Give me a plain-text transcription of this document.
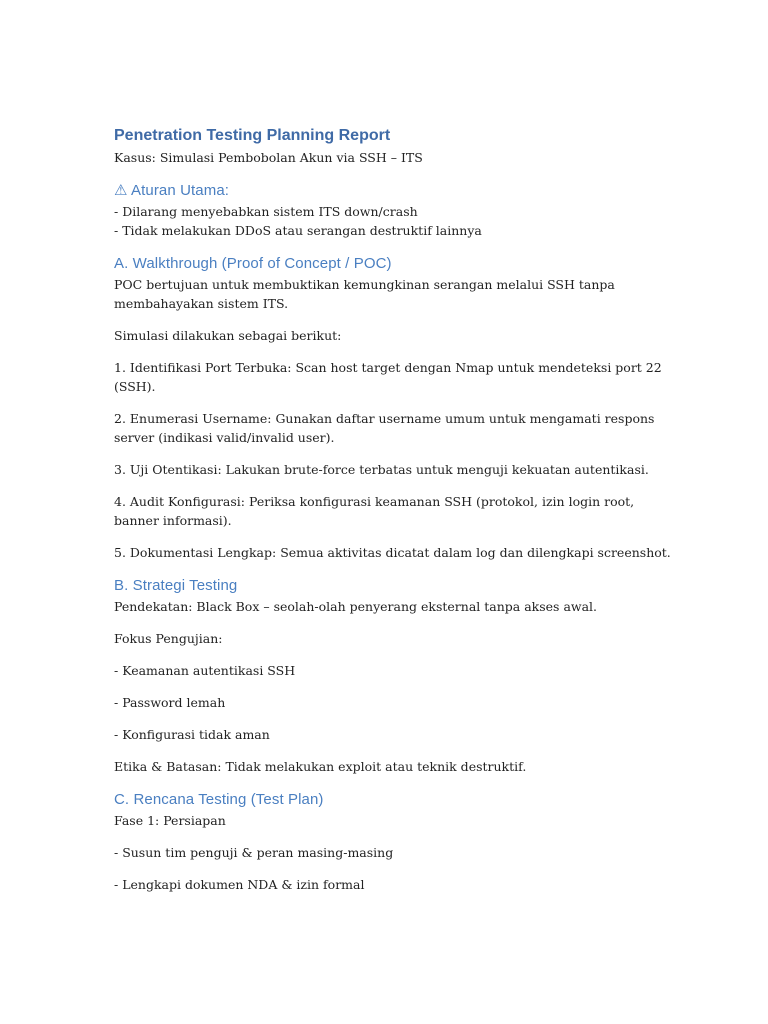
Penetration Testing Planning Report

Kasus: Simulasi Pembobolan Akun via SSH – ITS

⚠ Aturan Utama:

- Dilarang menyebabkan sistem ITS down/crash

- Tidak melakukan DDoS atau serangan destruktif lainnya

A. Walkthrough (Proof of Concept / POC)

POC bertujuan untuk membuktikan kemungkinan serangan melalui SSH tanpa membahayakan sistem ITS.

Simulasi dilakukan sebagai berikut:

1. Identifikasi Port Terbuka: Scan host target dengan Nmap untuk mendeteksi port 22 (SSH).

2. Enumerasi Username: Gunakan daftar username umum untuk mengamati respons server (indikasi valid/invalid user).

3. Uji Otentikasi: Lakukan brute-force terbatas untuk menguji kekuatan autentikasi.

4. Audit Konfigurasi: Periksa konfigurasi keamanan SSH (protokol, izin login root, banner informasi).

5. Dokumentasi Lengkap: Semua aktivitas dicatat dalam log dan dilengkapi screenshot.

B. Strategi Testing

Pendekatan: Black Box – seolah-olah penyerang eksternal tanpa akses awal.

Fokus Pengujian:

- Keamanan autentikasi SSH

- Password lemah

- Konfigurasi tidak aman

Etika & Batasan: Tidak melakukan exploit atau teknik destruktif.

C. Rencana Testing (Test Plan)

Fase 1: Persiapan

- Susun tim penguji & peran masing-masing

- Lengkapi dokumen NDA & izin formal
